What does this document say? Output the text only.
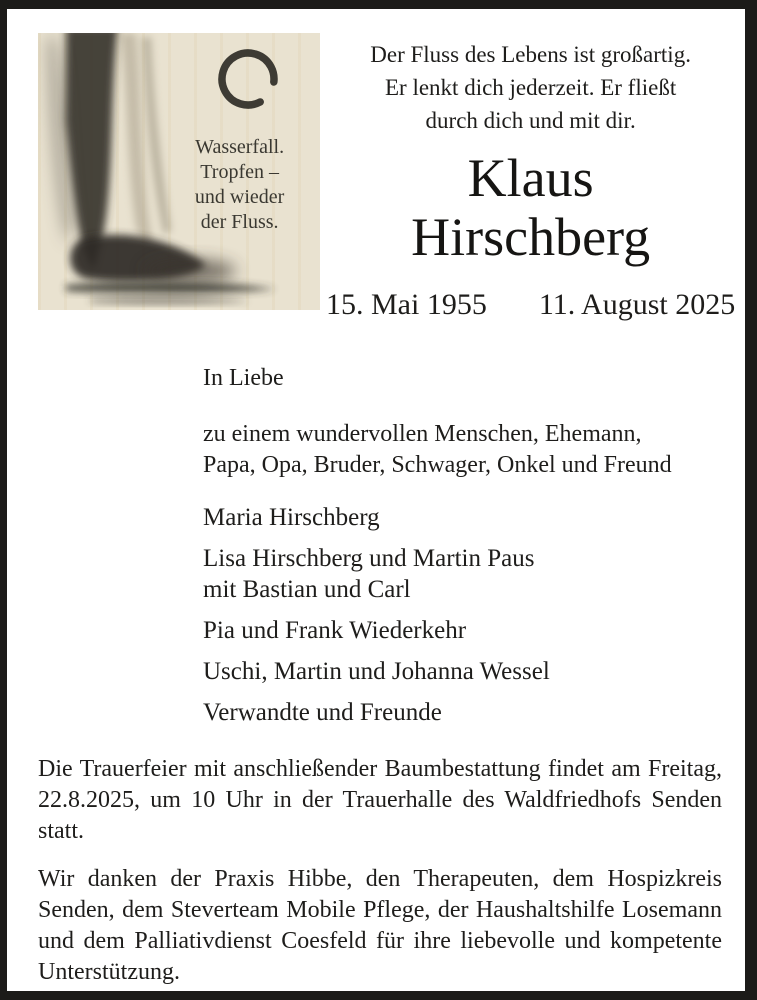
Wasserfall.
Tropfen –
und wieder
der Fluss.
Der Fluss des Lebens ist großartig.
Er lenkt dich jederzeit. Er fließt
durch dich und mit dir.
Klaus
Hirschberg
15. Mai 1955 11. August 2025
In Liebe
zu einem wundervollen Menschen, Ehemann,
Papa, Opa, Bruder, Schwager, Onkel und Freund
Maria Hirschberg
Lisa Hirschberg und Martin Paus
mit Bastian und Carl
Pia und Frank Wiederkehr
Uschi, Martin und Johanna Wessel
Verwandte und Freunde

Die Trauerfeier mit anschließender Baumbestattung findet am Freitag, 22.8.2025, um 10 Uhr in der Trauerhalle des Waldfriedhofs Senden statt.

Wir danken der Praxis Hibbe, den Therapeuten, dem Hospizkreis Senden, dem Steverteam Mobile Pflege, der Haushaltshilfe Losemann und dem Palliativdienst Coesfeld für ihre liebevolle und kompetente Unterstützung.
